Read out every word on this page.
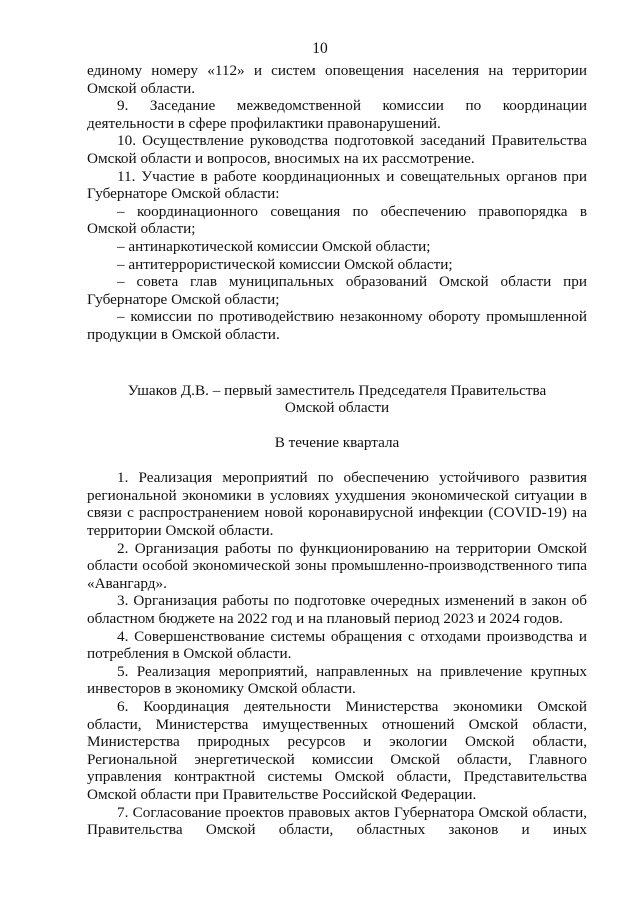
10

единому номеру «112» и систем оповещения населения на территории Омской области.

9. Заседание межведомственной комиссии по координации деятельности в сфере профилактики правонарушений.

10. Осуществление руководства подготовкой заседаний Правительства Омской области и вопросов, вносимых на их рассмотрение.

11. Участие в работе координационных и совещательных органов при Губернаторе Омской области:

– координационного совещания по обеспечению правопорядка в Омской области;

– антинаркотической комиссии Омской области;

– антитеррористической комиссии Омской области;

– совета глав муниципальных образований Омской области при Губернаторе Омской области;

– комиссии по противодействию незаконному обороту промышленной продукции в Омской области.

Ушаков Д.В. – первый заместитель Председателя Правительства

Омской области

В течение квартала

1. Реализация мероприятий по обеспечению устойчивого развития региональной экономики в условиях ухудшения экономической ситуации в связи с распространением новой коронавирусной инфекции (COVID-19) на территории Омской области.

2. Организация работы по функционированию на территории Омской области особой экономической зоны промышленно-производственного типа «Авангард».

3. Организация работы по подготовке очередных изменений в закон об областном бюджете на 2022 год и на плановый период 2023 и 2024 годов.

4. Совершенствование системы обращения с отходами производства и потребления в Омской области.

5. Реализация мероприятий, направленных на привлечение крупных инвесторов в экономику Омской области.

6. Координация деятельности Министерства экономики Омской области, Министерства имущественных отношений Омской области, Министерства природных ресурсов и экологии Омской области, Региональной энергетической комиссии Омской области, Главного управления контрактной системы Омской области, Представительства Омской области при Правительстве Российской Федерации.

7. Согласование проектов правовых актов Губернатора Омской области, Правительства Омской области, областных законов и иных
